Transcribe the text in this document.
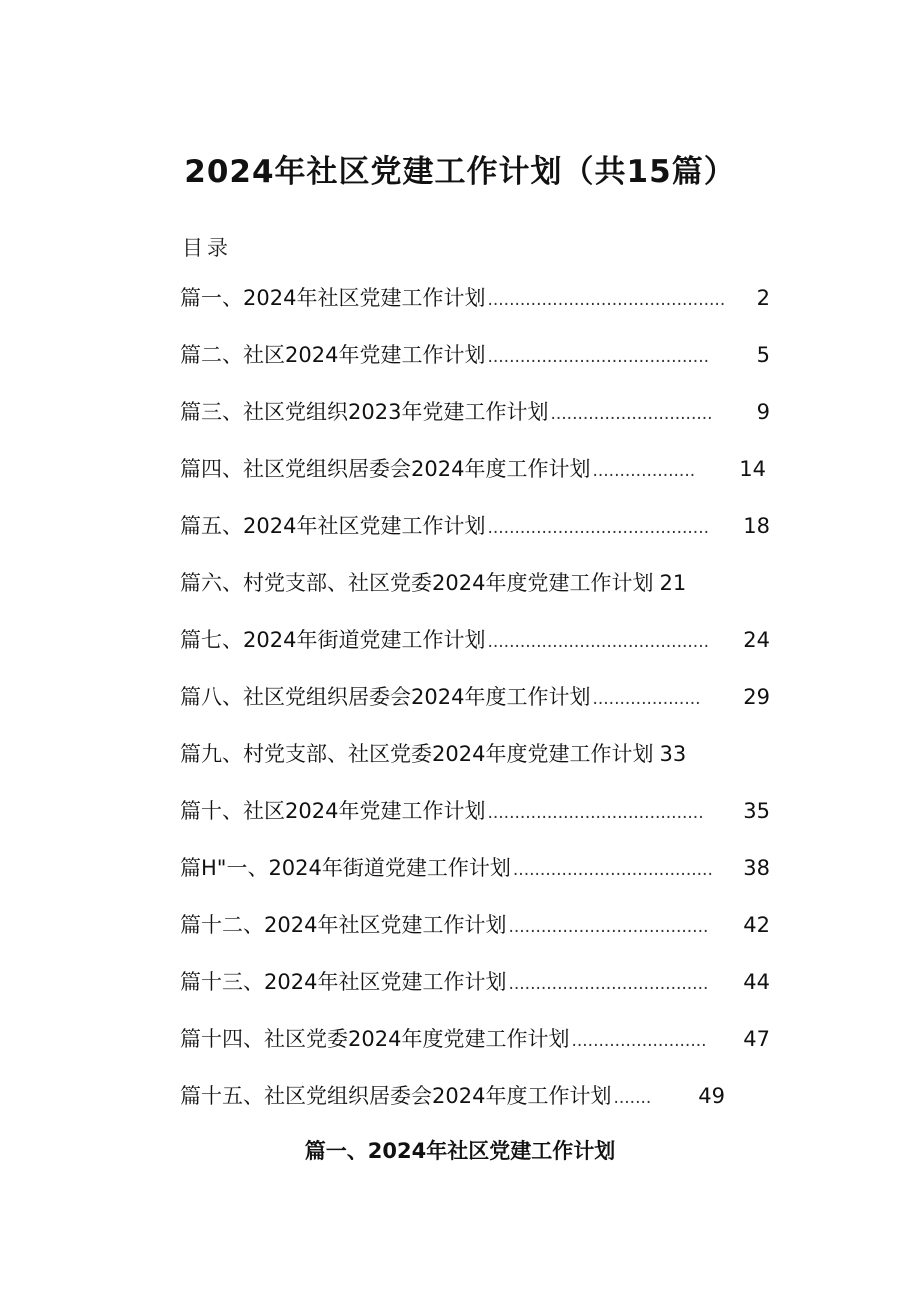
2024年社区党建工作计划（共15篇）
目录
篇一、2024年社区党建工作计划 ............................................	2
篇二、社区2024年党建工作计划 .........................................	5
篇三、社区党组织2023年党建工作计划 ..............................	9
篇四、社区党组织居委会2024年度工作计划 ...................	14
篇五、2024年社区党建工作计划 .........................................	18
篇六、村党支部、社区党委2024年度党建工作计划 21
篇七、2024年街道党建工作计划 .........................................	24
篇八、社区党组织居委会2024年度工作计划 ....................	29
篇九、村党支部、社区党委2024年度党建工作计划 33
篇十、社区2024年党建工作计划 ........................................	35
篇H"一、2024年街道党建工作计划 .....................................	38
篇十二、2024年社区党建工作计划 .....................................	42
篇十三、2024年社区党建工作计划 .....................................	44
篇十四、社区党委2024年度党建工作计划 .........................	47
篇十五、社区党组织居委会2024年度工作计划 .......	49
篇一、2024年社区党建工作计划
